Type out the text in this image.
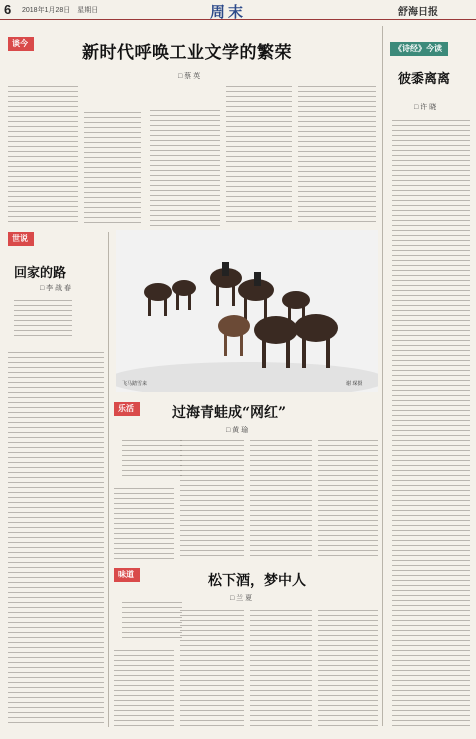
6 2018年1月28日　星期日	周末	舒海日报
谈今	新时代呼唤工业文学的繁荣
□ 蔡 英
《诗经》今读
彼黍离离
□ 许 晓
世说
回家的路
□ 李 战 春
飞马踏雪来	谢 琛摄
乐活	过海青蛙成“网红”
□ 黄 瑜
味道	松下酒，梦中人
□ 兰 夏
